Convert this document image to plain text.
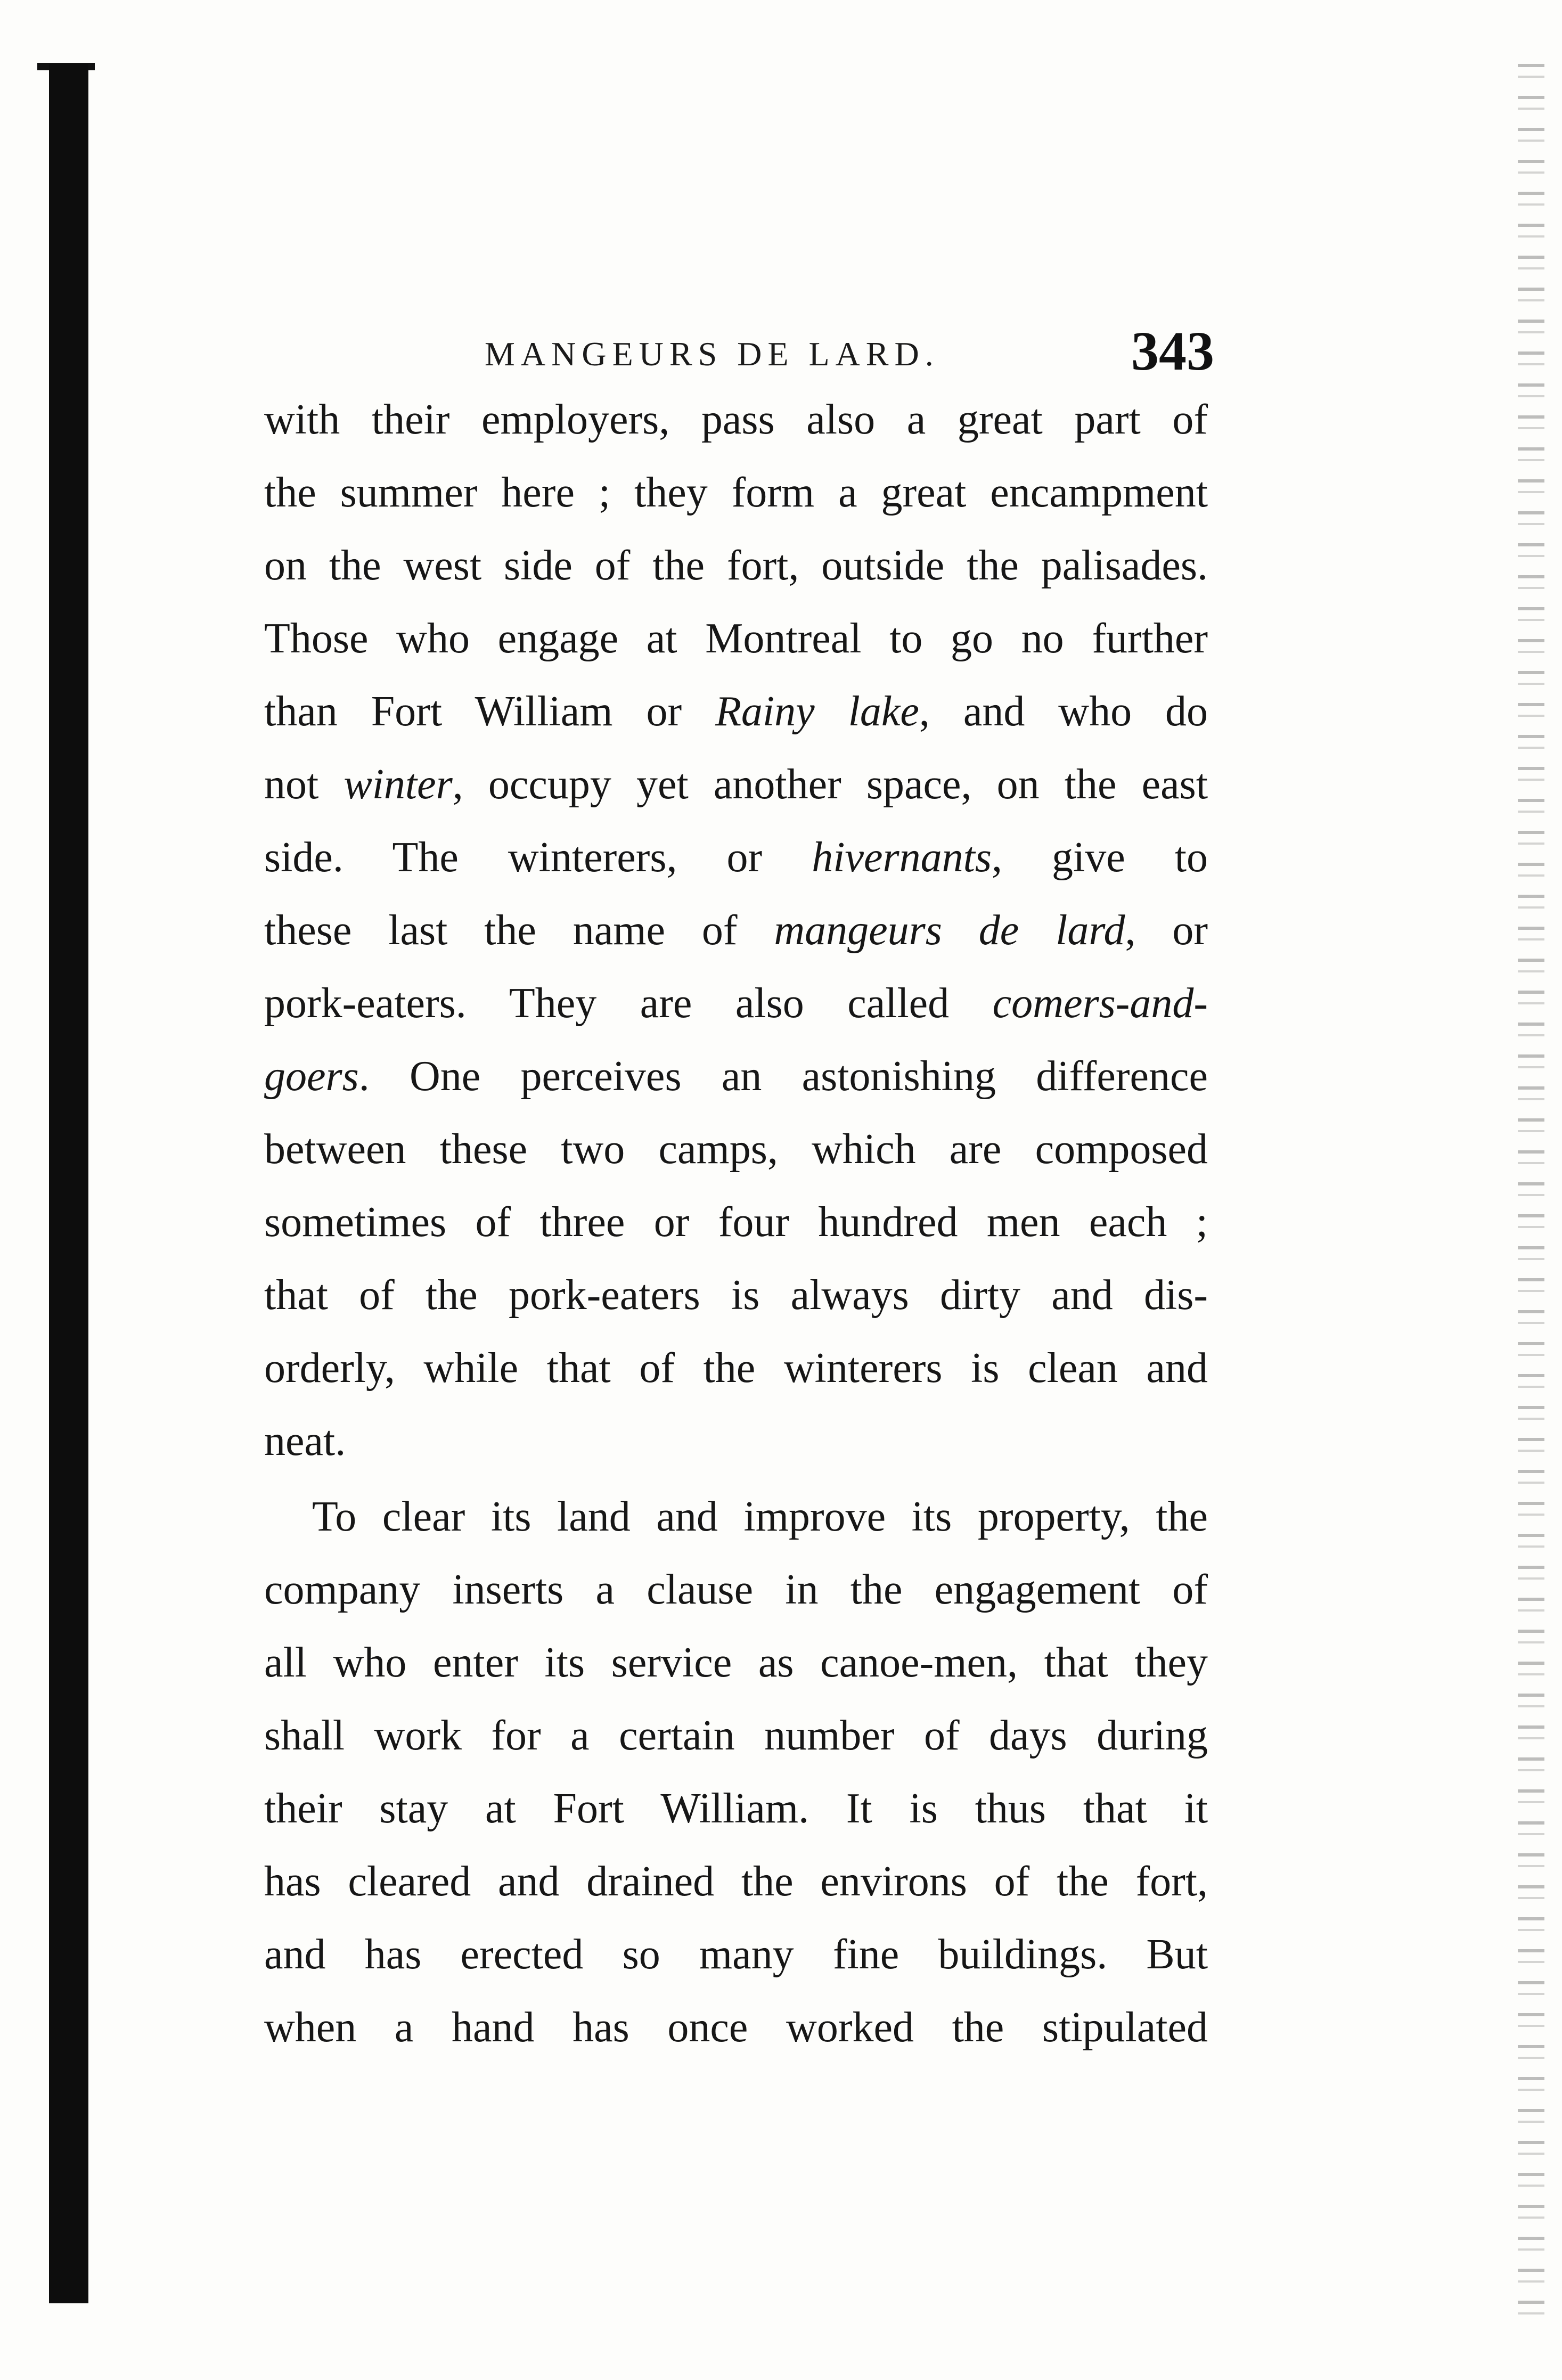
MANGEURS DE LARD.	343
with their employers, pass also a great part of
the summer here ; they form a great encampment
on the west side of the fort, outside the palisades.
Those who engage at Montreal to go no further
than Fort William or Rainy lake, and who do
not winter, occupy yet another space, on the east
side. The winterers, or hivernants, give to
these last the name of mangeurs de lard, or
pork-eaters. They are also called comers-and-
goers. One perceives an astonishing difference
between these two camps, which are composed
sometimes of three or four hundred men each ;
that of the pork-eaters is always dirty and dis-
orderly, while that of the winterers is clean and
neat.
To clear its land and improve its property, the
company inserts a clause in the engagement of
all who enter its service as canoe-men, that they
shall work for a certain number of days during
their stay at Fort William. It is thus that it
has cleared and drained the environs of the fort,
and has erected so many fine buildings. But
when a hand has once worked the stipulated
